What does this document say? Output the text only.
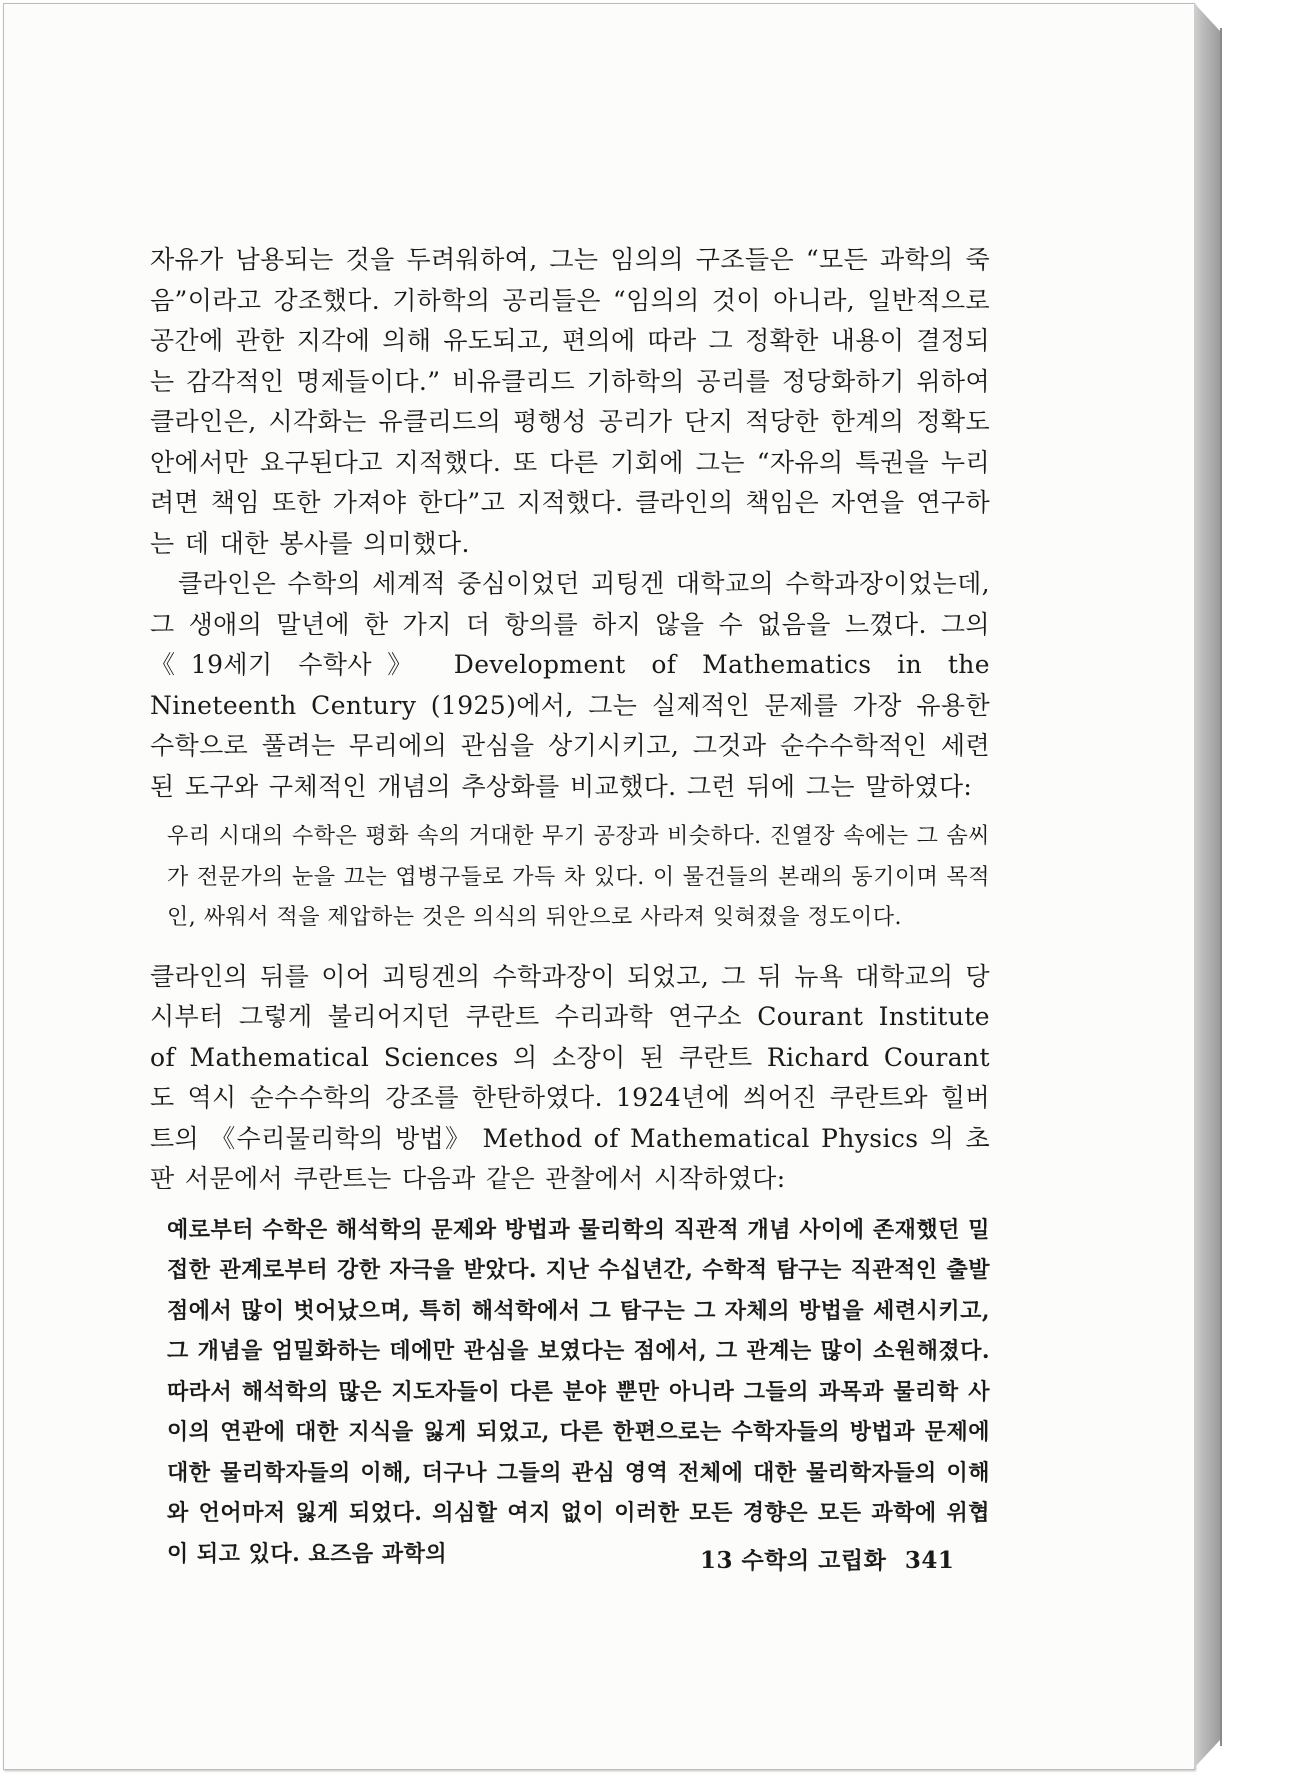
자유가 남용되는 것을 두려워하여, 그는 임의의 구조들은 “모든 과학의 죽음”이라고 강조했다. 기하학의 공리들은 “임의의 것이 아니라, 일반적으로 공간에 관한 지각에 의해 유도되고, 편의에 따라 그 정확한 내용이 결정되는 감각적인 명제들이다.” 비유클리드 기하학의 공리를 정당화하기 위하여 클라인은, 시각화는 유클리드의 평행성 공리가 단지 적당한 한계의 정확도 안에서만 요구된다고 지적했다. 또 다른 기회에 그는 “자유의 특권을 누리려면 책임 또한 가져야 한다”고 지적했다. 클라인의 책임은 자연을 연구하는 데 대한 봉사를 의미했다.

클라인은 수학의 세계적 중심이었던 괴팅겐 대학교의 수학과장이었는데, 그 생애의 말년에 한 가지 더 항의를 하지 않을 수 없음을 느꼈다. 그의 《19세기 수학사》 Development of Mathematics in the Nineteenth Century (1925)에서, 그는 실제적인 문제를 가장 유용한 수학으로 풀려는 무리에의 관심을 상기시키고, 그것과 순수수학적인 세련된 도구와 구체적인 개념의 추상화를 비교했다. 그런 뒤에 그는 말하였다:

우리 시대의 수학은 평화 속의 거대한 무기 공장과 비슷하다. 진열장 속에는 그 솜씨가 전문가의 눈을 끄는 엽병구들로 가득 차 있다. 이 물건들의 본래의 동기이며 목적인, 싸워서 적을 제압하는 것은 의식의 뒤안으로 사라져 잊혀졌을 정도이다.

클라인의 뒤를 이어 괴팅겐의 수학과장이 되었고, 그 뒤 뉴욕 대학교의 당시부터 그렇게 불리어지던 쿠란트 수리과학 연구소 Courant Institute of Mathematical Sciences 의 소장이 된 쿠란트 Richard Courant 도 역시 순수수학의 강조를 한탄하였다. 1924년에 씌어진 쿠란트와 힐버트의 《수리물리학의 방법》 Method of Mathematical Physics 의 초판 서문에서 쿠란트는 다음과 같은 관찰에서 시작하였다:

예로부터 수학은 해석학의 문제와 방법과 물리학의 직관적 개념 사이에 존재했던 밀접한 관계로부터 강한 자극을 받았다. 지난 수십년간, 수학적 탐구는 직관적인 출발점에서 많이 벗어났으며, 특히 해석학에서 그 탐구는 그 자체의 방법을 세련시키고, 그 개념을 엄밀화하는 데에만 관심을 보였다는 점에서, 그 관계는 많이 소원해졌다. 따라서 해석학의 많은 지도자들이 다른 분야 뿐만 아니라 그들의 과목과 물리학 사이의 연관에 대한 지식을 잃게 되었고, 다른 한편으로는 수학자들의 방법과 문제에 대한 물리학자들의 이해, 더구나 그들의 관심 영역 전체에 대한 물리학자들의 이해와 언어마저 잃게 되었다. 의심할 여지 없이 이러한 모든 경향은 모든 과학에 위협이 되고 있다. 요즈음 과학의	13 수학의 고립화 341
